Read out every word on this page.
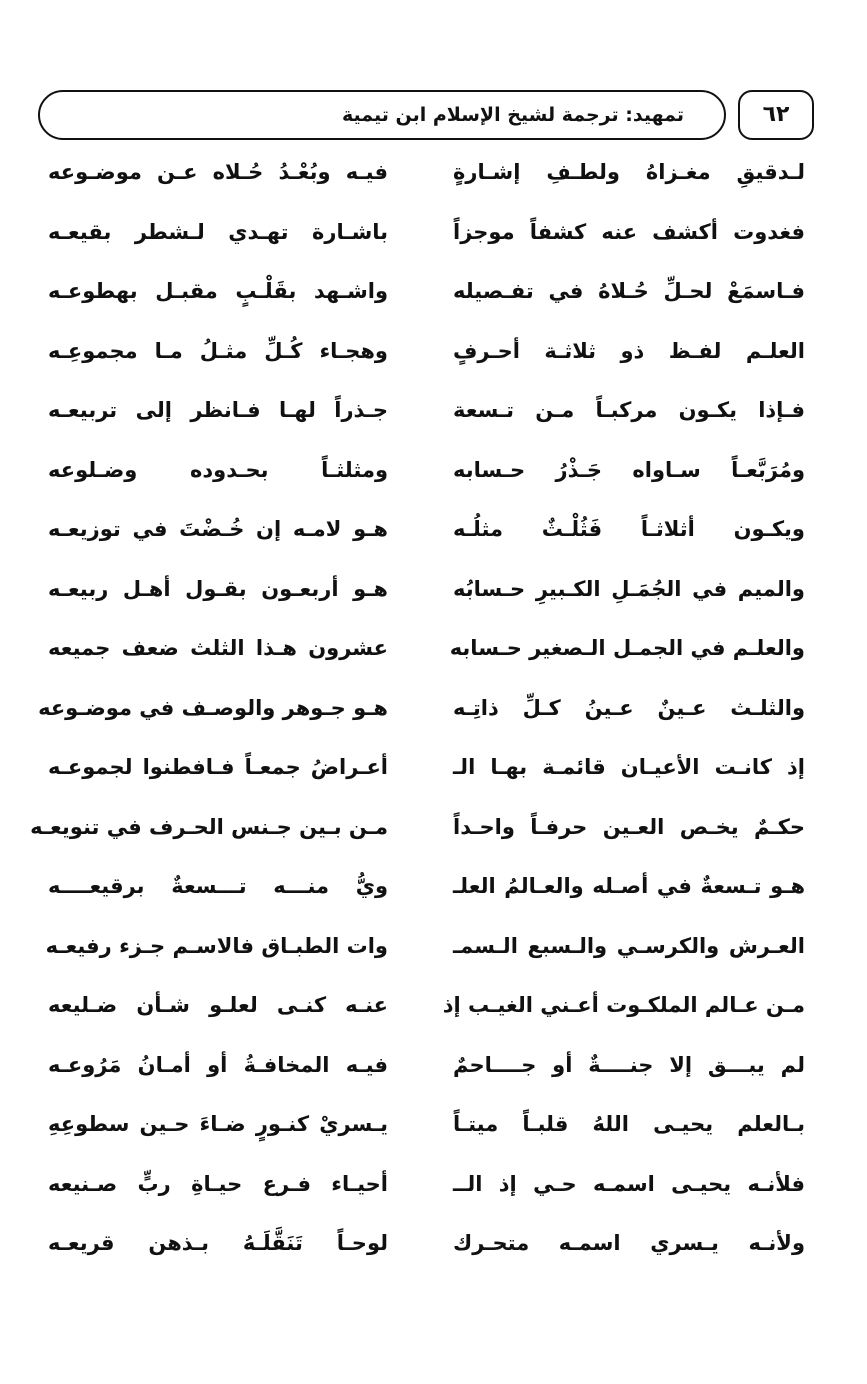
تمهيد: ترجمة لشيخ الإسلام ابن تيمية	٦٢
لـدقيقِ مغـزاهُ ولطـفِ إشـارةٍ
فيـه وبُعْـدُ حُـلاه عـن موضـوعه
فغدوت أكشف عنه كشفاً موجزاً
باشـارة تهـدي لـشطر بقيعـه
فـاسمَعْ لحـلِّ حُـلاهُ في تفـصيله
واشـهد بقَلْـبٍ مقبـل بهطوعـه
العلـم لفـظ ذو ثلاثـة أحـرفٍ
وهجـاء كُـلِّ مثـلُ مـا مجموعِـه
فـإذا يكـون مركبـاً مـن تـسعة
جـذراً لهـا فـانظر إلى تربيعـه
ومُرَبَّعـاً سـاواه جَـذْرُ حـسابه
ومثلثـاً بحـدوده وضـلوعه
ويكـون أثلاثـاً فَثُلْـثٌ مثلُـه
هـو لامـه إن خُـضْتَ في توزيعـه
والميم في الجُمَـلِ الكـبيرِ حـسابُه
هـو أربعـون بقـول أهـل ربيعـه
والعلـم في الجمـل الـصغير حـسابه
عشرون هـذا الثلث ضعف جميعه
والثلـث عـينٌ عـينُ كـلِّ ذاتِـه
هـو جـوهر والوصـف في موضـوعه
إذ كانـت الأعيـان قائمـة بهـا الـ
أعـراضُ جمعـاً فـافطنوا لجموعـه
حكـمٌ يخـص العـين حرفـاً واحـداً
مـن بـين جـنس الحـرف في تنويعـه
هـو تـسعةٌ في أصـله والعـالمُ العلـ
ويُّ منـــه تـــسعةٌ برقيعــــه
العـرش والكرسـي والـسبع الـسمـ
وات الطبـاق فالاسـم جـزء رفيعـه
مـن عـالم الملكـوت أعـني الغيـب إذ
عنـه كنـى لعلـو شـأن ضـليعه
لم يبـــق إلا جنــــةٌ أو جــــاحمٌ
فيـه المخافـةُ أو أمـانُ مَرُوعـه
بـالعلم يحيـى اللهُ قلبـاً ميتـاً
يـسريْ كنـورٍ ضـاءَ حـين سطوعِهِ
فلأنـه يحيـى اسمـه حـي إذ الــ
أحيـاء فـرع حيـاةِ ربٍّ صـنيعه
ولأنـه يـسري اسمـه متحـرك
لوحـاً تَنَقَّلَـهُ بـذهن قريعـه
